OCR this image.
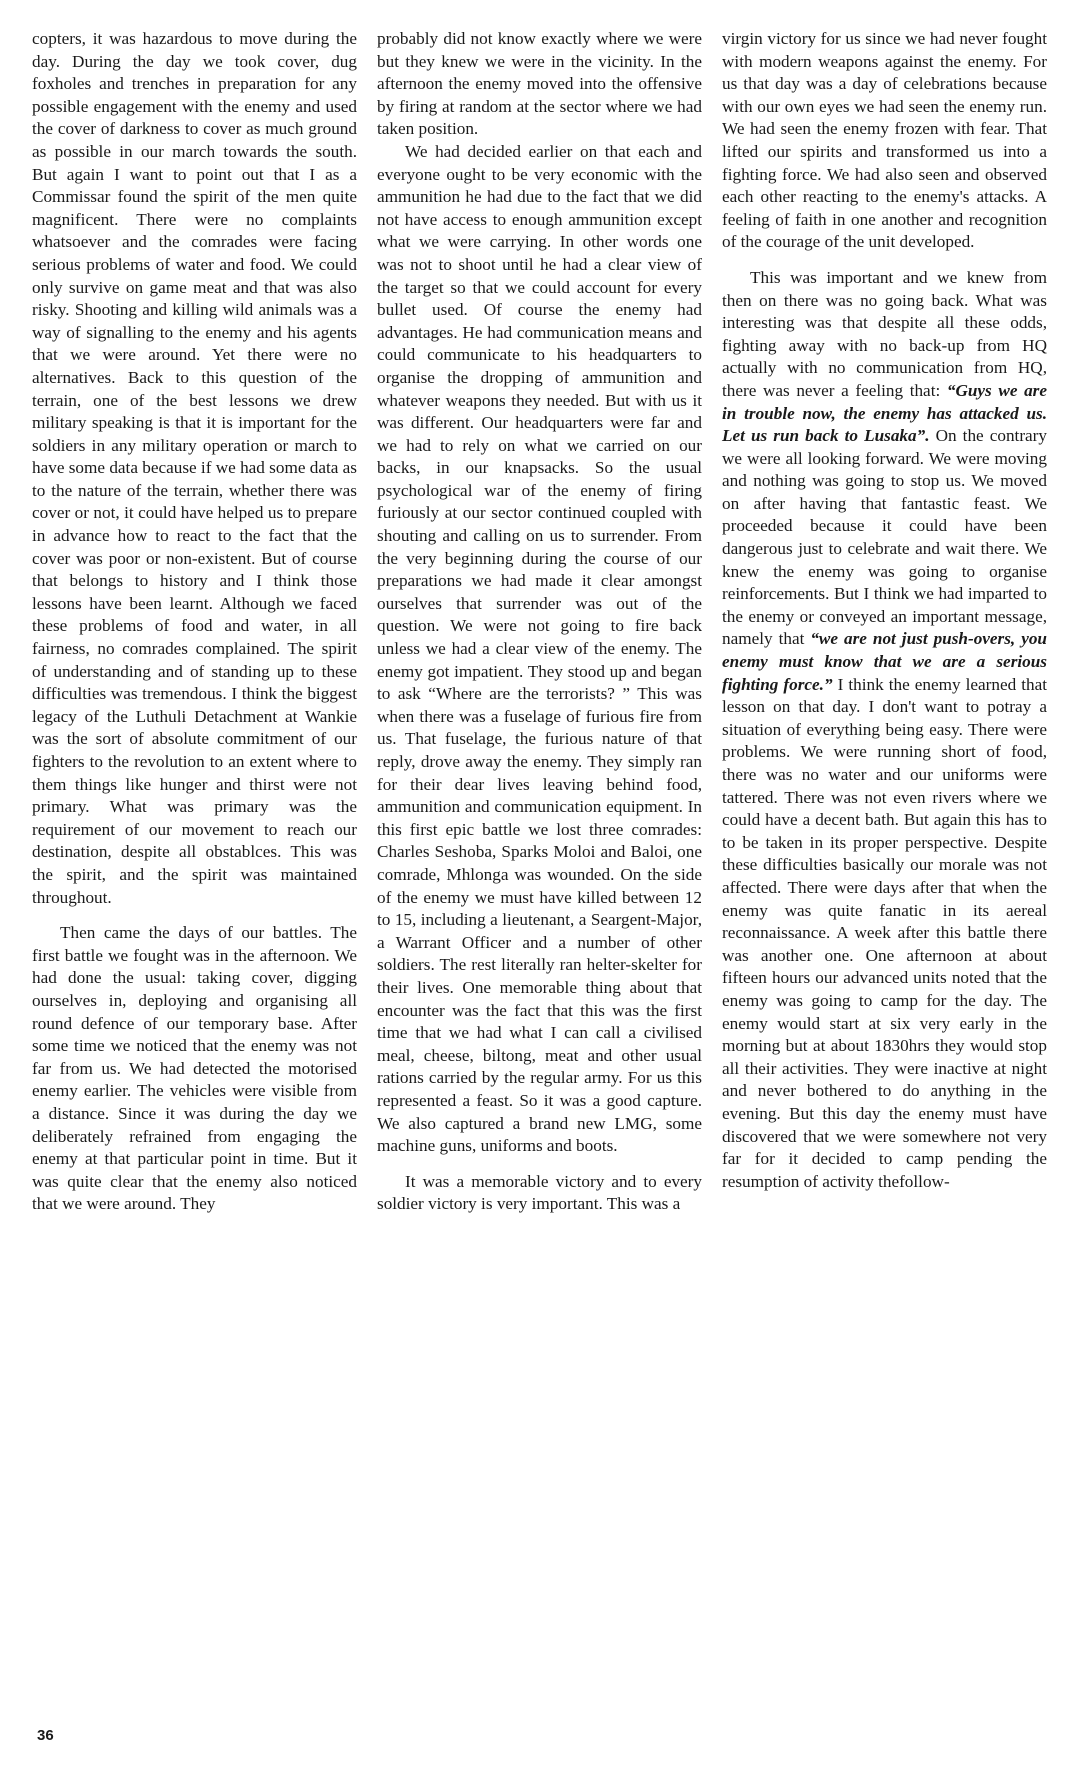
copters, it was hazardous to move during the day. During the day we took cover, dug foxholes and trenches in preparation for any possible engagement with the enemy and used the cover of darkness to cover as much ground as possible in our march towards the south. But again I want to point out that I as a Commissar found the spirit of the men quite magnificent. There were no complaints whatsoever and the comrades were facing serious problems of water and food. We could only survive on game meat and that was also risky. Shooting and killing wild animals was a way of signalling to the enemy and his agents that we were around. Yet there were no alternatives. Back to this question of the terrain, one of the best lessons we drew military speaking is that it is important for the soldiers in any military operation or march to have some data because if we had some data as to the nature of the terrain, whether there was cover or not, it could have helped us to prepare in advance how to react to the fact that the cover was poor or non-existent. But of course that belongs to history and I think those lessons have been learnt. Although we faced these problems of food and water, in all fairness, no comrades complained. The spirit of understanding and of standing up to these difficulties was tremendous. I think the biggest legacy of the Luthuli Detachment at Wankie was the sort of absolute commitment of our fighters to the revolution to an extent where to them things like hunger and thirst were not primary. What was primary was the requirement of our movement to reach our destination, despite all obstablces. This was the spirit, and the spirit was maintained throughout.

Then came the days of our battles. The first battle we fought was in the afternoon. We had done the usual: taking cover, digging ourselves in, deploying and organising all round defence of our temporary base. After some time we noticed that the enemy was not far from us. We had detected the motorised enemy earlier. The vehicles were visible from a distance. Since it was during the day we deliberately refrained from engaging the enemy at that particular point in time. But it was quite clear that the enemy also noticed that we were around. They

probably did not know exactly where we were but they knew we were in the vicinity. In the afternoon the enemy moved into the offensive by firing at random at the sector where we had taken position.

We had decided earlier on that each and everyone ought to be very economic with the ammunition he had due to the fact that we did not have access to enough ammunition except what we were carrying. In other words one was not to shoot until he had a clear view of the target so that we could account for every bullet used. Of course the enemy had advantages. He had communication means and could communicate to his headquarters to organise the dropping of ammunition and whatever weapons they needed. But with us it was different. Our headquarters were far and we had to rely on what we carried on our backs, in our knapsacks. So the usual psychological war of the enemy of firing furiously at our sector continued coupled with shouting and calling on us to surrender. From the very beginning during the course of our preparations we had made it clear amongst ourselves that surrender was out of the question. We were not going to fire back unless we had a clear view of the enemy. The enemy got impatient. They stood up and began to ask “Where are the terrorists? ” This was when there was a fuselage of furious fire from us. That fuselage, the furious nature of that reply, drove away the enemy. They simply ran for their dear lives leaving behind food, ammunition and communication equipment. In this first epic battle we lost three comrades: Charles Seshoba, Sparks Moloi and Baloi, one comrade, Mhlonga was wounded. On the side of the enemy we must have killed between 12 to 15, including a lieutenant, a Seargent-Major, a Warrant Officer and a number of other soldiers. The rest literally ran helter-skelter for their lives. One memorable thing about that encounter was the fact that this was the first time that we had what I can call a civilised meal, cheese, biltong, meat and other usual rations carried by the regular army. For us this represented a feast. So it was a good capture. We also captured a brand new LMG, some machine guns, uniforms and boots.

It was a memorable victory and to every soldier victory is very important. This was a

virgin victory for us since we had never fought with modern weapons against the enemy. For us that day was a day of celebrations because with our own eyes we had seen the enemy run. We had seen the enemy frozen with fear. That lifted our spirits and transformed us into a fighting force. We had also seen and observed each other reacting to the enemy's attacks. A feeling of faith in one another and recognition of the courage of the unit developed.

This was important and we knew from then on there was no going back. What was interesting was that despite all these odds, fighting away with no back-up from HQ actually with no communication from HQ, there was never a feeling that: “Guys we are in trouble now, the enemy has attacked us. Let us run back to Lusaka”. On the contrary we were all looking forward. We were moving and nothing was going to stop us. We moved on after having that fantastic feast. We proceeded because it could have been dangerous just to celebrate and wait there. We knew the enemy was going to organise reinforcements. But I think we had imparted to the enemy or conveyed an important message, namely that “we are not just push-overs, you enemy must know that we are a serious fighting force.” I think the enemy learned that lesson on that day. I don't want to potray a situation of everything being easy. There were problems. We were running short of food, there was no water and our uniforms were tattered. There was not even rivers where we could have a decent bath. But again this has to to be taken in its proper perspective. Despite these difficulties basically our morale was not affected. There were days after that when the enemy was quite fanatic in its aereal reconnaissance. A week after this battle there was another one. One afternoon at about fifteen hours our advanced units noted that the enemy was going to camp for the day. The enemy would start at six very early in the morning but at about 1830hrs they would stop all their activities. They were inactive at night and never bothered to do anything in the evening. But this day the enemy must have discovered that we were somewhere not very far for it decided to camp pending the resumption of activity thefollow-

36
